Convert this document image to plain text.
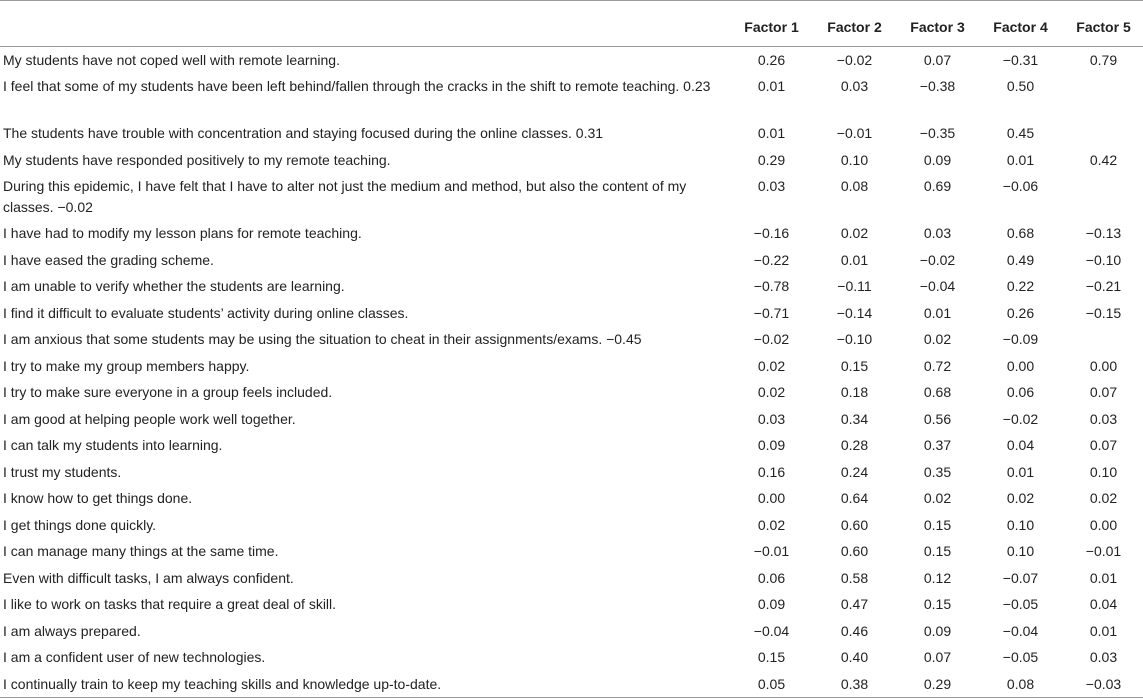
	Factor 1	Factor 2	Factor 3	Factor 4	Factor 5
My students have not coped well with remote learning.	0.26	−0.02	0.07	−0.31	0.79
I feel that some of my students have been left behind/fallen through the cracks in the shift to remote teaching. 0.23	0.01	0.03	−0.38	0.50	
The students have trouble with concentration and staying focused during the online classes. 0.31	0.01	−0.01	−0.35	0.45	
My students have responded positively to my remote teaching.	0.29	0.10	0.09	0.01	0.42
During this epidemic, I have felt that I have to alter not just the medium and method, but also the content of my classes. −0.02	0.03	0.08	0.69	−0.06	
I have had to modify my lesson plans for remote teaching.	−0.16	0.02	0.03	0.68	−0.13
I have eased the grading scheme.	−0.22	0.01	−0.02	0.49	−0.10
I am unable to verify whether the students are learning.	−0.78	−0.11	−0.04	0.22	−0.21
I find it difficult to evaluate students’ activity during online classes.	−0.71	−0.14	0.01	0.26	−0.15
I am anxious that some students may be using the situation to cheat in their assignments/exams. −0.45	−0.02	−0.10	0.02	−0.09	
I try to make my group members happy.	0.02	0.15	0.72	0.00	0.00
I try to make sure everyone in a group feels included.	0.02	0.18	0.68	0.06	0.07
I am good at helping people work well together.	0.03	0.34	0.56	−0.02	0.03
I can talk my students into learning.	0.09	0.28	0.37	0.04	0.07
I trust my students.	0.16	0.24	0.35	0.01	0.10
I know how to get things done.	0.00	0.64	0.02	0.02	0.02
I get things done quickly.	0.02	0.60	0.15	0.10	0.00
I can manage many things at the same time.	−0.01	0.60	0.15	0.10	−0.01
Even with difficult tasks, I am always confident.	0.06	0.58	0.12	−0.07	0.01
I like to work on tasks that require a great deal of skill.	0.09	0.47	0.15	−0.05	0.04
I am always prepared.	−0.04	0.46	0.09	−0.04	0.01
I am a confident user of new technologies.	0.15	0.40	0.07	−0.05	0.03
I continually train to keep my teaching skills and knowledge up-to-date.	0.05	0.38	0.29	0.08	−0.03
